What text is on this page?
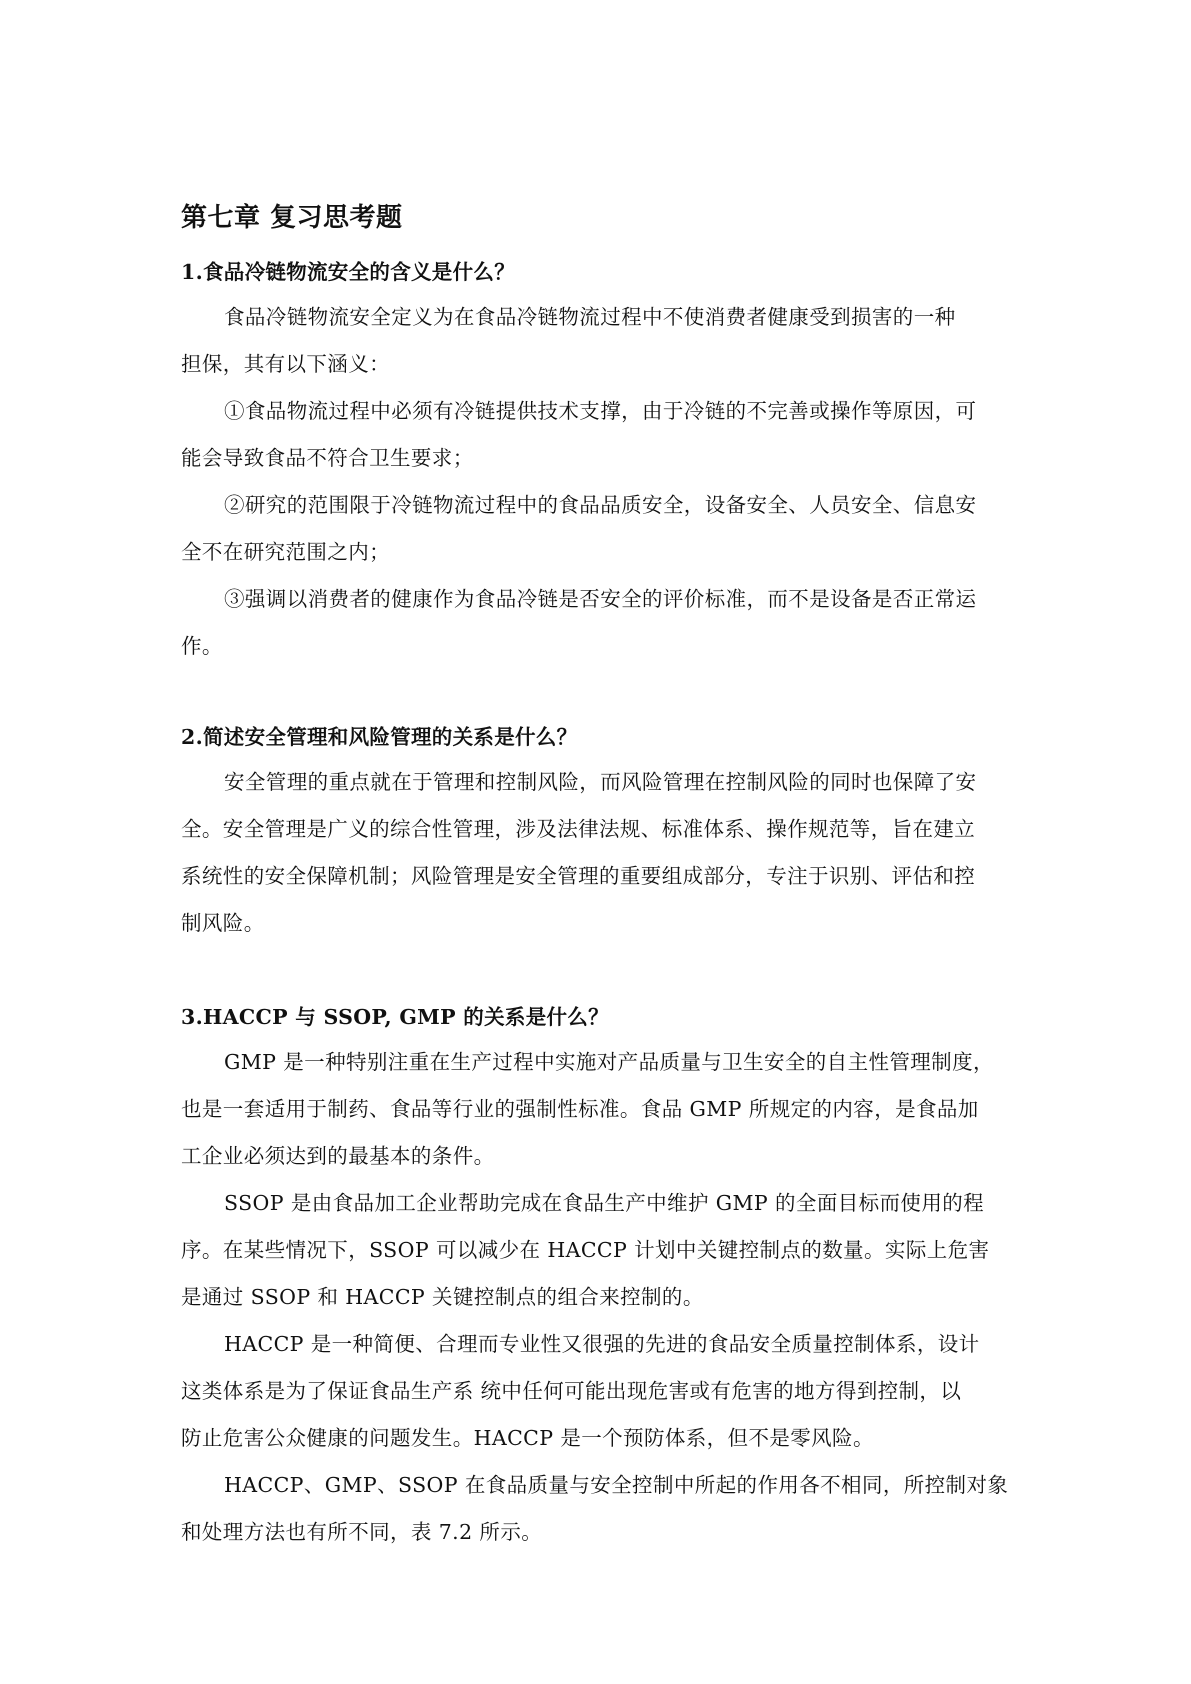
第七章 复习思考题
1.食品冷链物流安全的含义是什么？

食品冷链物流安全定义为在食品冷链物流过程中不使消费者健康受到损害的一种

担保，其有以下涵义：

①食品物流过程中必须有冷链提供技术支撑，由于冷链的不完善或操作等原因，可

能会导致食品不符合卫生要求；

②研究的范围限于冷链物流过程中的食品品质安全，设备安全、人员安全、信息安

全不在研究范围之内；

③强调以消费者的健康作为食品冷链是否安全的评价标准，而不是设备是否正常运

作。

2.简述安全管理和风险管理的关系是什么？

安全管理的重点就在于管理和控制风险，而风险管理在控制风险的同时也保障了安

全。安全管理是广义的综合性管理，涉及法律法规、标准体系、操作规范等，旨在建立

系统性的安全保障机制；风险管理是安全管理的重要组成部分，专注于识别、评估和控

制风险。

3.HACCP 与 SSOP, GMP 的关系是什么？

GMP 是一种特别注重在生产过程中实施对产品质量与卫生安全的自主性管理制度，

也是一套适用于制药、食品等行业的强制性标准。食品 GMP 所规定的内容，是食品加

工企业必须达到的最基本的条件。

SSOP 是由食品加工企业帮助完成在食品生产中维护 GMP 的全面目标而使用的程

序。在某些情况下，SSOP 可以减少在 HACCP 计划中关键控制点的数量。实际上危害

是通过 SSOP 和 HACCP 关键控制点的组合来控制的。

HACCP 是一种简便、合理而专业性又很强的先进的食品安全质量控制体系，设计

这类体系是为了保证食品生产系 统中任何可能出现危害或有危害的地方得到控制，以

防止危害公众健康的问题发生。HACCP 是一个预防体系，但不是零风险。

HACCP、GMP、SSOP 在食品质量与安全控制中所起的作用各不相同，所控制对象

和处理方法也有所不同，表 7.2 所示。
